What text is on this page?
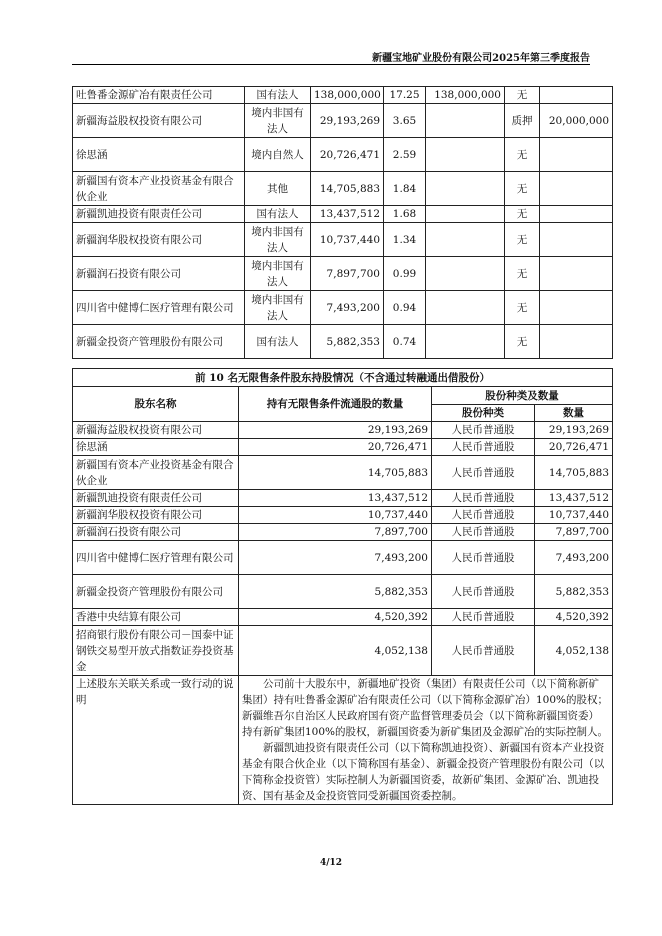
新疆宝地矿业股份有限公司2025年第三季度报告
吐鲁番金源矿冶有限责任公司	国有法人	138,000,000	17.25	138,000,000	无	
新疆海益股权投资有限公司	境内非国有法人	29,193,269	3.65		质押	20,000,000
徐思涵	境内自然人	20,726,471	2.59		无	
新疆国有资本产业投资基金有限合伙企业	其他	14,705,883	1.84		无	
新疆凯迪投资有限责任公司	国有法人	13,437,512	1.68		无	
新疆润华股权投资有限公司	境内非国有法人	10,737,440	1.34		无	
新疆润石投资有限公司	境内非国有法人	7,897,700	0.99		无	
四川省中健博仁医疗管理有限公司	境内非国有法人	7,493,200	0.94		无	
新疆金投资产管理股份有限公司	国有法人	5,882,353	0.74		无	
前 10 名无限售条件股东持股情况（不含通过转融通出借股份）			
股东名称	持有无限售条件流通股的数量	股份种类及数量	
		股份种类	数量
新疆海益股权投资有限公司	29,193,269	人民币普通股	29,193,269
徐思涵	20,726,471	人民币普通股	20,726,471
新疆国有资本产业投资基金有限合伙企业	14,705,883	人民币普通股	14,705,883
新疆凯迪投资有限责任公司	13,437,512	人民币普通股	13,437,512
新疆润华股权投资有限公司	10,737,440	人民币普通股	10,737,440
新疆润石投资有限公司	7,897,700	人民币普通股	7,897,700
四川省中健博仁医疗管理有限公司	7,493,200	人民币普通股	7,493,200
新疆金投资产管理股份有限公司	5,882,353	人民币普通股	5,882,353
香港中央结算有限公司	4,520,392	人民币普通股	4,520,392
招商银行股份有限公司－国泰中证钢铁交易型开放式指数证券投资基金	4,052,138	人民币普通股	4,052,138
上述股东关联关系或一致行动的说明	公司前十大股东中，新疆地矿投资（集团）有限责任公司（以下简称新矿集团）持有吐鲁番金源矿冶有限责任公司（以下简称金源矿冶）100%的股权；新疆维吾尔自治区人民政府国有资产监督管理委员会（以下简称新疆国资委）持有新矿集团100%的股权，新疆国资委为新矿集团及金源矿冶的实际控制人。

新疆凯迪投资有限责任公司（以下简称凯迪投资）、新疆国有资本产业投资基金有限合伙企业（以下简称国有基金）、新疆金投资产管理股份有限公司（以下简称金投资管）实际控制人为新疆国资委，故新矿集团、金源矿冶、凯迪投资、国有基金及金投资管同受新疆国资委控制。		

4/12
